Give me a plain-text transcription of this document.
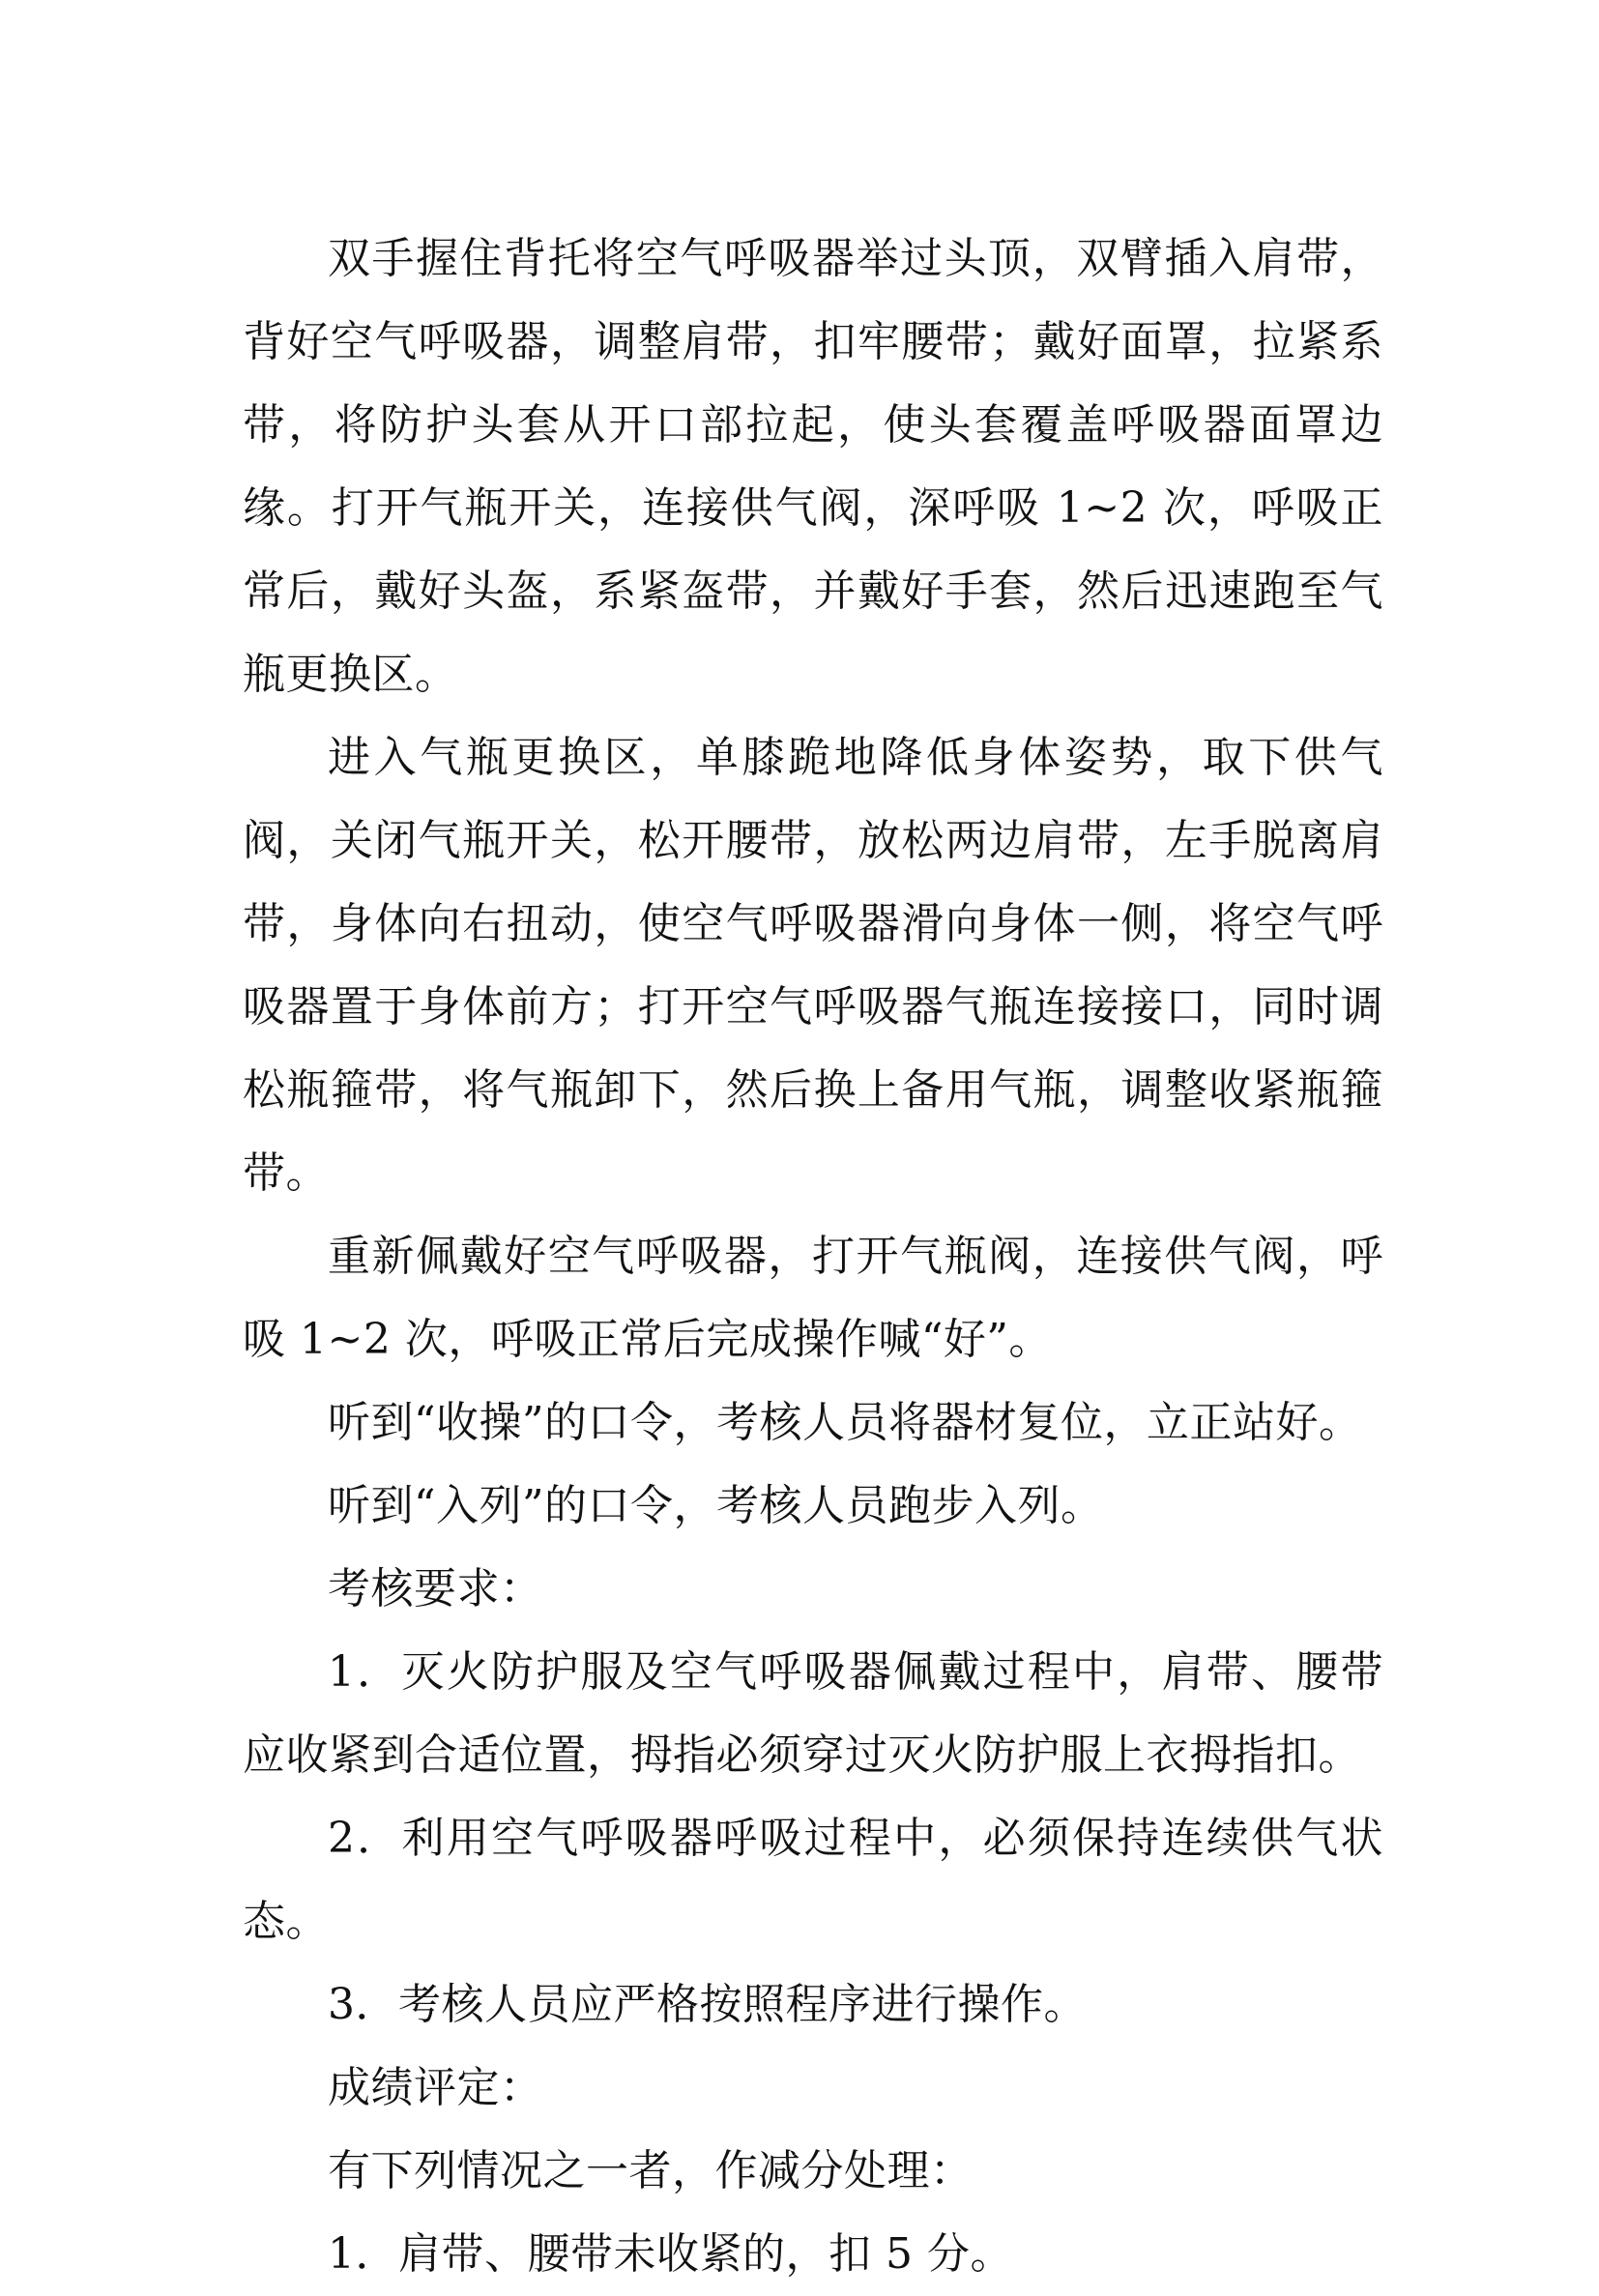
双手握住背托将空气呼吸器举过头顶，双臂插入肩带，背好空气呼吸器，调整肩带，扣牢腰带；戴好面罩，拉紧系带，将防护头套从开口部拉起，使头套覆盖呼吸器面罩边缘。打开气瓶开关，连接供气阀，深呼吸 1~2 次，呼吸正常后，戴好头盔，系紧盔带，并戴好手套，然后迅速跑至气瓶更换区。

进入气瓶更换区，单膝跪地降低身体姿势，取下供气阀，关闭气瓶开关，松开腰带，放松两边肩带，左手脱离肩带，身体向右扭动，使空气呼吸器滑向身体一侧，将空气呼吸器置于身体前方；打开空气呼吸器气瓶连接接口，同时调松瓶箍带，将气瓶卸下，然后换上备用气瓶，调整收紧瓶箍带。

重新佩戴好空气呼吸器，打开气瓶阀，连接供气阀，呼吸 1~2 次，呼吸正常后完成操作喊“好”。

听到“收操”的口令，考核人员将器材复位，立正站好。

听到“入列”的口令，考核人员跑步入列。

考核要求：

1．灭火防护服及空气呼吸器佩戴过程中，肩带、腰带应收紧到合适位置，拇指必须穿过灭火防护服上衣拇指扣。

2．利用空气呼吸器呼吸过程中，必须保持连续供气状态。

3．考核人员应严格按照程序进行操作。

成绩评定：

有下列情况之一者，作减分处理：

1．肩带、腰带未收紧的，扣 5 分。
